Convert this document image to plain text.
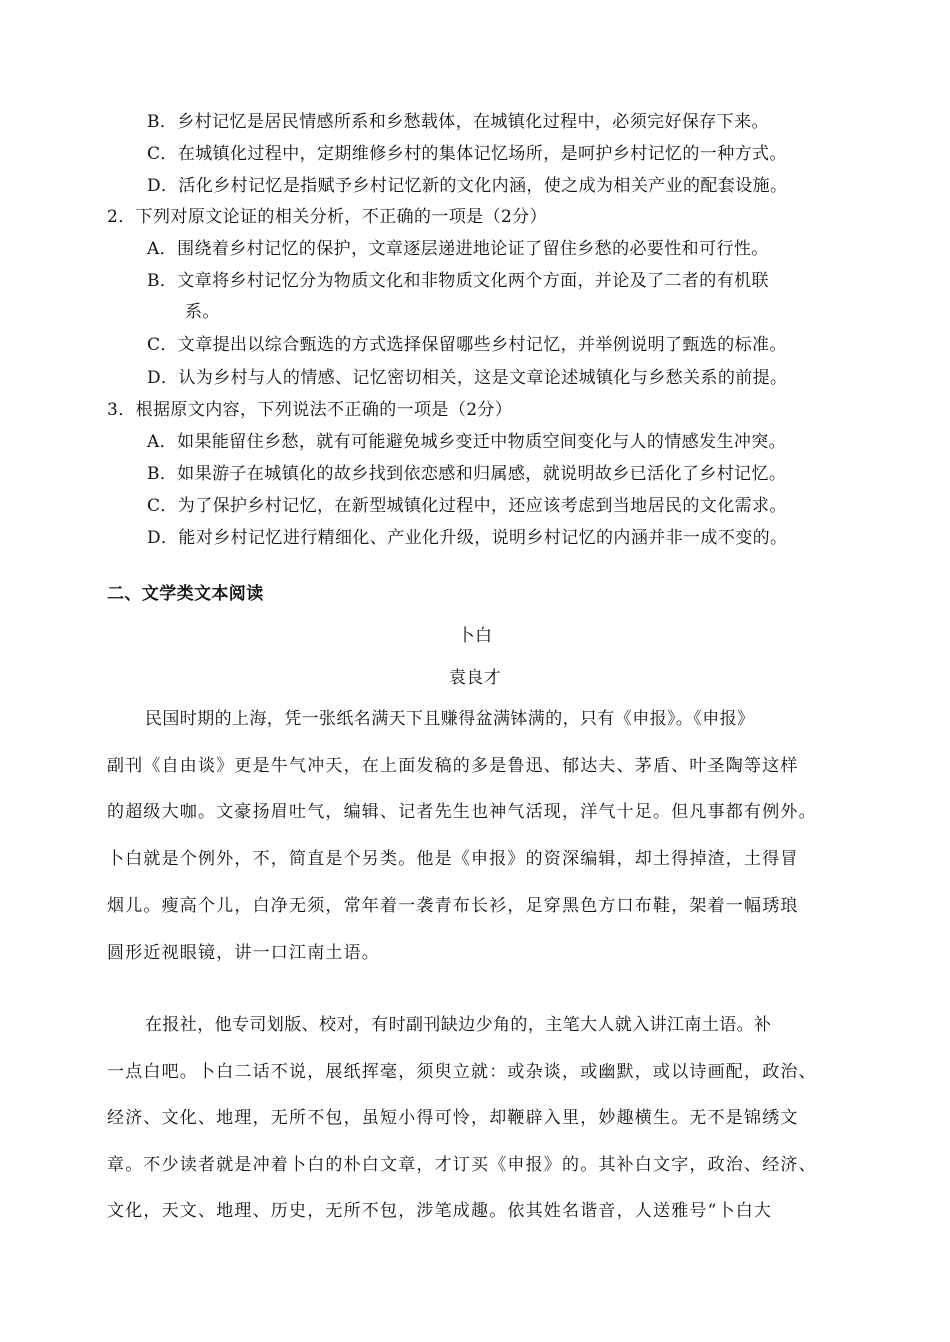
B．乡村记忆是居民情感所系和乡愁载体，在城镇化过程中，必须完好保存下来。
C．在城镇化过程中，定期维修乡村的集体记忆场所，是呵护乡村记忆的一种方式。
D．活化乡村记忆是指赋予乡村记忆新的文化内涵，使之成为相关产业的配套设施。
2．下列对原文论证的相关分析，不正确的一项是（2分）
A．围绕着乡村记忆的保护，文章逐层递进地论证了留住乡愁的必要性和可行性。
B．文章将乡村记忆分为物质文化和非物质文化两个方面，并论及了二者的有机联
系。
C．文章提出以综合甄选的方式选择保留哪些乡村记忆，并举例说明了甄选的标准。
D．认为乡村与人的情感、记忆密切相关，这是文章论述城镇化与乡愁关系的前提。
3．根据原文内容，下列说法不正确的一项是（2分）
A．如果能留住乡愁，就有可能避免城乡变迁中物质空间变化与人的情感发生冲突。
B．如果游子在城镇化的故乡找到依恋感和归属感，就说明故乡已活化了乡村记忆。
C．为了保护乡村记忆，在新型城镇化过程中，还应该考虑到当地居民的文化需求。
D．能对乡村记忆进行精细化、产业化升级，说明乡村记忆的内涵并非一成不变的。
二、文学类文本阅读
卜白
袁良才
民国时期的上海，凭一张纸名满天下且赚得盆满钵满的，只有《申报》。《申报》
副刊《自由谈》更是牛气冲天，在上面发稿的多是鲁迅、郁达夫、茅盾、叶圣陶等这样
的超级大咖。文豪扬眉吐气，编辑、记者先生也神气活现，洋气十足。但凡事都有例外。
卜白就是个例外，不，简直是个另类。他是《申报》的资深编辑，却土得掉渣，土得冒
烟儿。瘦高个儿，白净无须，常年着一袭青布长衫，足穿黑色方口布鞋，架着一幅琇琅
圆形近视眼镜，讲一口江南土语。
在报社，他专司划版、校对，有时副刊缺边少角的，主笔大人就入讲江南土语。补
一点白吧。卜白二话不说，展纸挥毫，须臾立就：或杂谈，或幽默，或以诗画配，政治、
经济、文化、地理，无所不包，虽短小得可怜，却鞭辟入里，妙趣横生。无不是锦绣文
章。不少读者就是冲着卜白的朴白文章，才订买《申报》的。其补白文字，政治、经济、
文化，天文、地理、历史，无所不包，涉笔成趣。依其姓名谐音，人送雅号“卜白大
